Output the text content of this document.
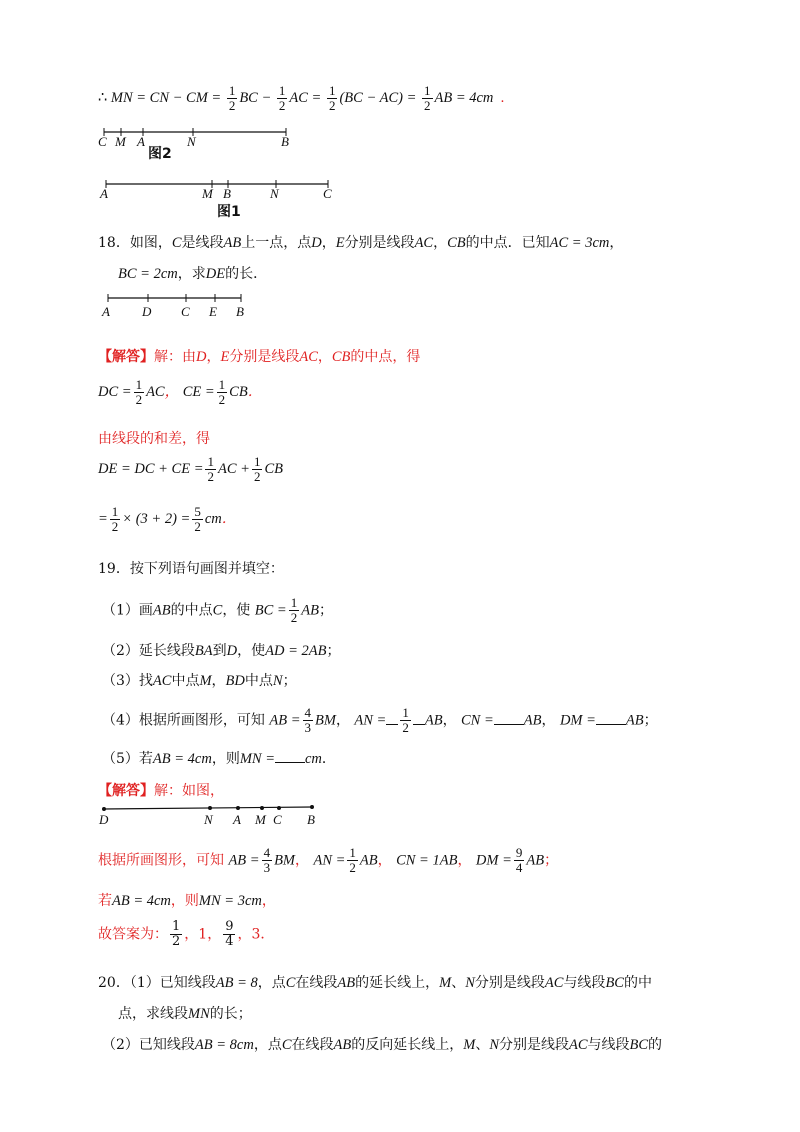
∴ MN = CN − CM = $\frac{1}{2}$ BC − $\frac{1}{2}$ AC = $\frac{1}{2} (BC - AC) = \frac{1}{2}$ AB = 4cm .
C M A	N	B
图2
A	M B	N	C
图1
18．如图，C是线段AB上一点，点D，E分别是线段AC，CB的中点．已知AC = 3cm，
BC = 2cm，求DE的长．
A D C E B
【解答】解：由D，E分别是线段AC，CB的中点，得
DC = $\frac{1}{2}$ AC， CE = $\frac{1}{2}$ CB．
由线段的和差，得
DE = DC + CE = $\frac{1}{2}$ AC + $\frac{1}{2}$ CB
= $\frac{1}{2} \times (3 + 2) = \frac{5}{2}$ cm．
19．按下列语句画图并填空：
（1）画AB的中点C，使 BC = $\frac{1}{2}$ AB；
（2）延长线段BA到D，使AD = 2AB；
（3）找AC中点M，BD中点N；
（4）根据所画图形，可知 AB = $\frac{4}{3}$ BM， AN = $\frac{1}{2}$ AB， CN = AB， DM = AB；
（5）若AB = 4cm，则MN = cm．
【解答】解：如图，
D	N A M C B
根据所画图形，可知 AB = $\frac{4}{3}$ BM， AN = $\frac{1}{2}$ AB， CN = 1AB， DM = $\frac{9}{4}$ AB；
若AB = 4cm，则MN = 3cm，
故答案为： $\frac{1}{2}$ ，1， $\frac{9}{4}$ ，3．
20．（1）已知线段AB = 8，点C在线段AB的延长线上，M、N分别是线段AC与线段BC的中
点，求线段MN的长；
（2）已知线段AB = 8cm，点C在线段AB的反向延长线上，M、N分别是线段AC与线段BC的
